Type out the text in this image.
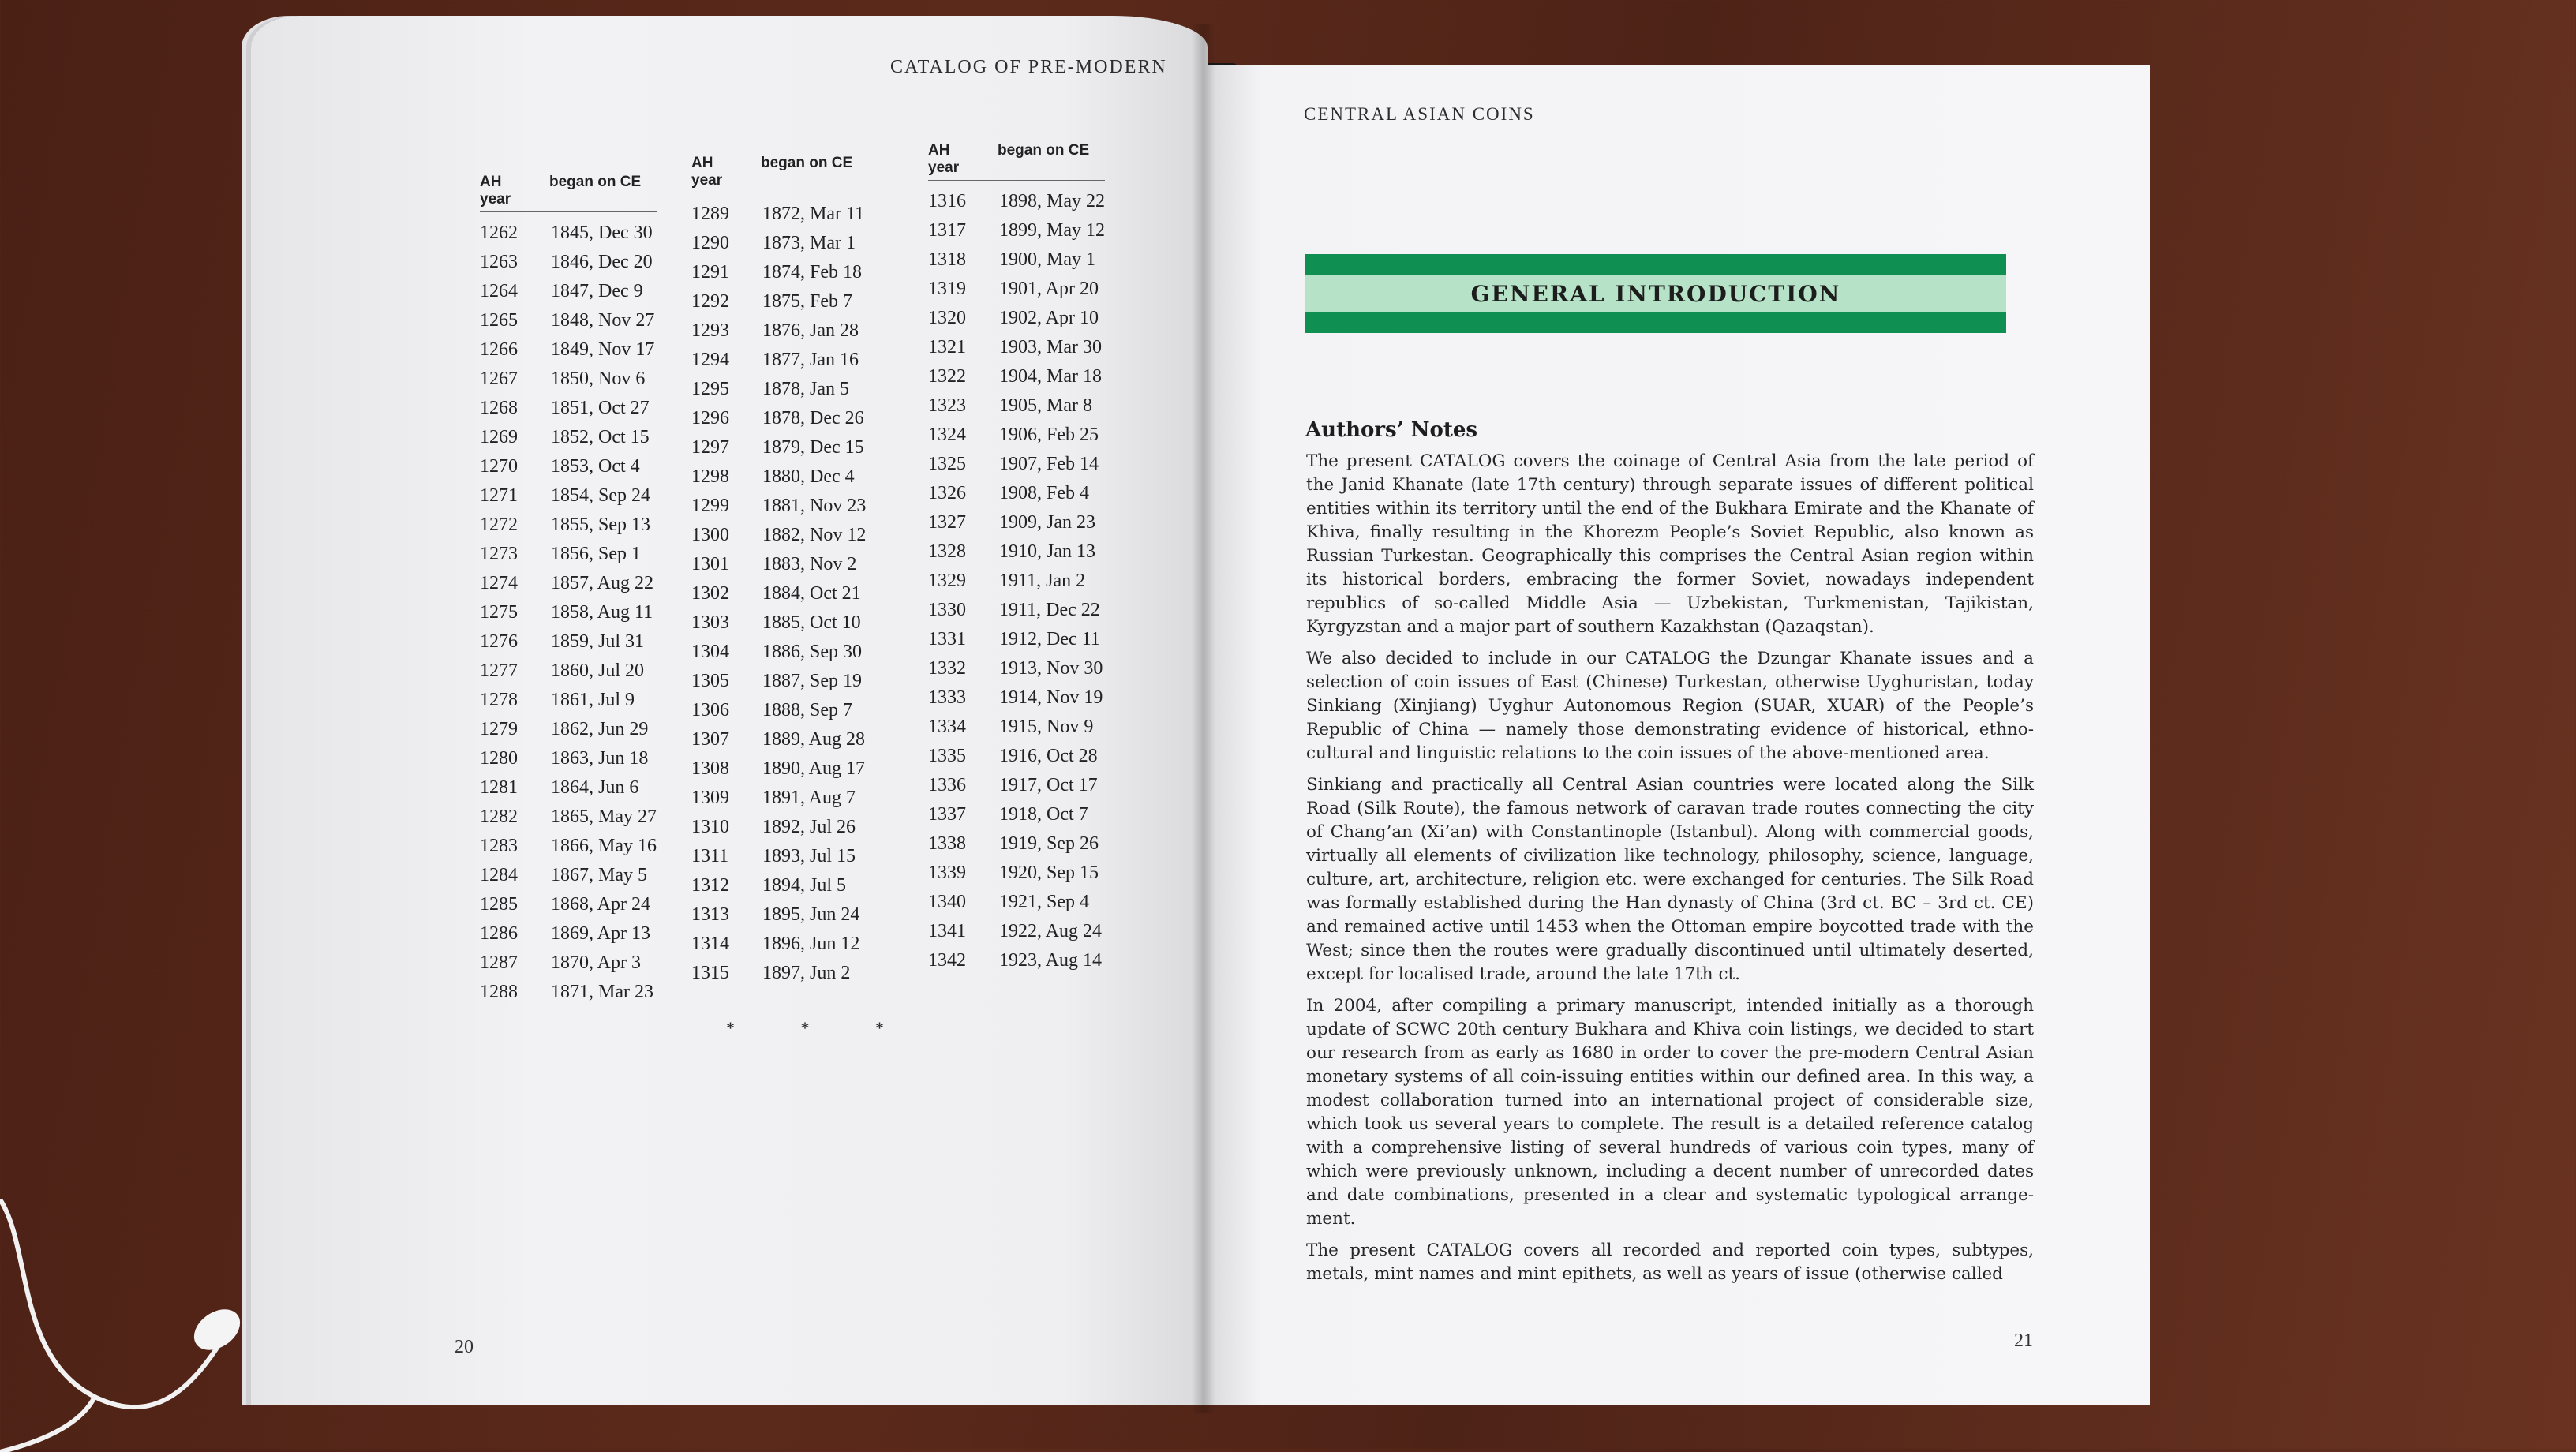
CATALOG OF PRE-MODERN
20
AH year
began on CE
1262	1845, Dec 30
1263	1846, Dec 20
1264	1847, Dec 9
1265	1848, Nov 27
1266	1849, Nov 17
1267	1850, Nov 6
1268	1851, Oct 27
1269	1852, Oct 15
1270	1853, Oct 4
1271	1854, Sep 24
1272	1855, Sep 13
1273	1856, Sep 1
1274	1857, Aug 22
1275	1858, Aug 11
1276	1859, Jul 31
1277	1860, Jul 20
1278	1861, Jul 9
1279	1862, Jun 29
1280	1863, Jun 18
1281	1864, Jun 6
1282	1865, May 27
1283	1866, May 16
1284	1867, May 5
1285	1868, Apr 24
1286	1869, Apr 13
1287	1870, Apr 3
1288	1871, Mar 23
AH year
began on CE
1289	1872, Mar 11
1290	1873, Mar 1
1291	1874, Feb 18
1292	1875, Feb 7
1293	1876, Jan 28
1294	1877, Jan 16
1295	1878, Jan 5
1296	1878, Dec 26
1297	1879, Dec 15
1298	1880, Dec 4
1299	1881, Nov 23
1300	1882, Nov 12
1301	1883, Nov 2
1302	1884, Oct 21
1303	1885, Oct 10
1304	1886, Sep 30
1305	1887, Sep 19
1306	1888, Sep 7
1307	1889, Aug 28
1308	1890, Aug 17
1309	1891, Aug 7
1310	1892, Jul 26
1311	1893, Jul 15
1312	1894, Jul 5
1313	1895, Jun 24
1314	1896, Jun 12
1315	1897, Jun 2
AH year
began on CE
1316	1898, May 22
1317	1899, May 12
1318	1900, May 1
1319	1901, Apr 20
1320	1902, Apr 10
1321	1903, Mar 30
1322	1904, Mar 18
1323	1905, Mar 8
1324	1906, Feb 25
1325	1907, Feb 14
1326	1908, Feb 4
1327	1909, Jan 23
1328	1910, Jan 13
1329	1911, Jan 2
1330	1911, Dec 22
1331	1912, Dec 11
1332	1913, Nov 30
1333	1914, Nov 19
1334	1915, Nov 9
1335	1916, Oct 28
1336	1917, Oct 17
1337	1918, Oct 7
1338	1919, Sep 26
1339	1920, Sep 15
1340	1921, Sep 4
1341	1922, Aug 24
1342	1923, Aug 14
*	*	*
CENTRAL ASIAN COINS
GENERAL INTRODUCTION
Authors’ Notes

The present CATALOG covers the coinage of Central Asia from the late period of the Janid Khanate (late 17th century) through separate issues of different political entities within its territory until the end of the Bukhara Emirate and the Khanate of Khiva, finally resulting in the Khorezm People’s Soviet Republic, also known as Russian Turkestan. Geographically this comprises the Central Asian region within its historical borders, embracing the former Soviet, nowadays independent republics of so-called Middle Asia — Uzbekistan, Turkmenistan, Tajikistan, Kyrgyzstan and a major part of southern Kazakhstan (Qazaqstan).

We also decided to include in our CATALOG the Dzungar Khanate issues and a selection of coin issues of East (Chinese) Turkestan, otherwise Uyghuristan, today Sinkiang (Xinjiang) Uyghur Autonomous Region (SUAR, XUAR) of the People’s Republic of China — namely those demonstrating evidence of historical, ethno-cultural and linguistic relations to the coin issues of the above-mentioned area.

Sinkiang and practically all Central Asian countries were located along the Silk Road (Silk Route), the famous network of caravan trade routes connecting the city of Chang’an (Xi’an) with Constantinople (Istanbul). Along with commercial goods, virtually all elements of civilization like technology, philosophy, science, language, culture, art, architecture, religion etc. were exchanged for centuries. The Silk Road was formally established during the Han dynasty of China (3rd ct. BC – 3rd ct. CE) and remained active until 1453 when the Ottoman empire boycotted trade with the West; since then the routes were gradually discontinued until ultimately deserted, except for localised trade, around the late 17th ct.

In 2004, after compiling a primary manuscript, intended initially as a thorough update of SCWC 20th century Bukhara and Khiva coin listings, we decided to start our research from as early as 1680 in order to cover the pre-modern Central Asian monetary systems of all coin-issuing entities within our defined area. In this way, a modest collaboration turned into an international project of considerable size, which took us several years to complete. The result is a detailed reference catalog with a comprehensive listing of several hundreds of various coin types, many of which were previously unknown, including a decent number of unrecorded dates and date combinations, presented in a clear and systematic typological arrange-ment.

The present CATALOG covers all recorded and reported coin types, subtypes, metals, mint names and mint epithets, as well as years of issue (otherwise called

21
